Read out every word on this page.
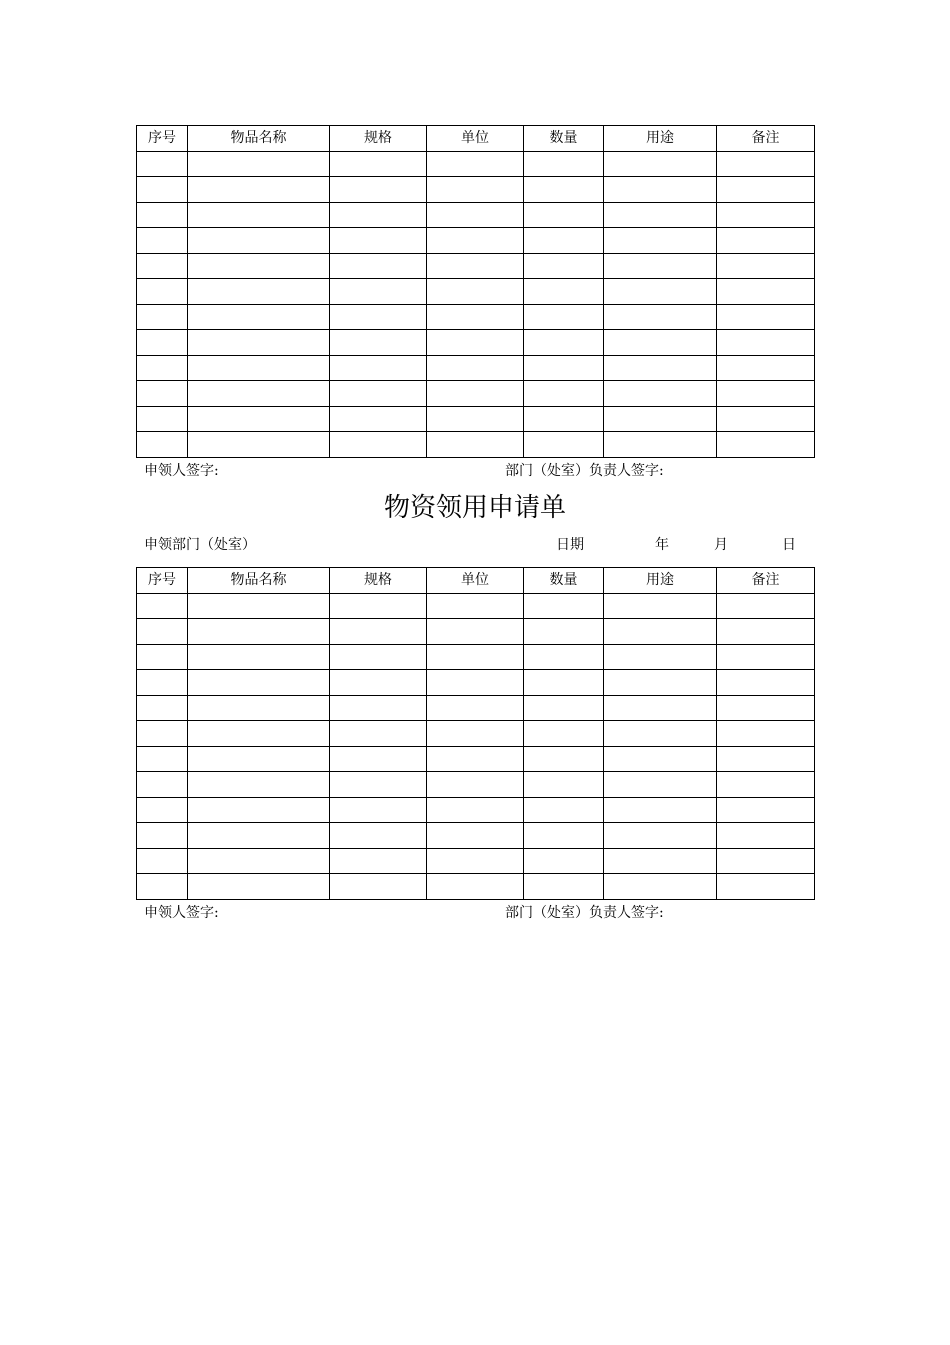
序号	物品名称	规格	单位	数量	用途	备注

申领人签字:	部门（处室）负责人签字:
物资领用申请单
申领部门（处室）	日期	年	月	日
序号	物品名称	规格	单位	数量	用途	备注

申领人签字:	部门（处室）负责人签字:
